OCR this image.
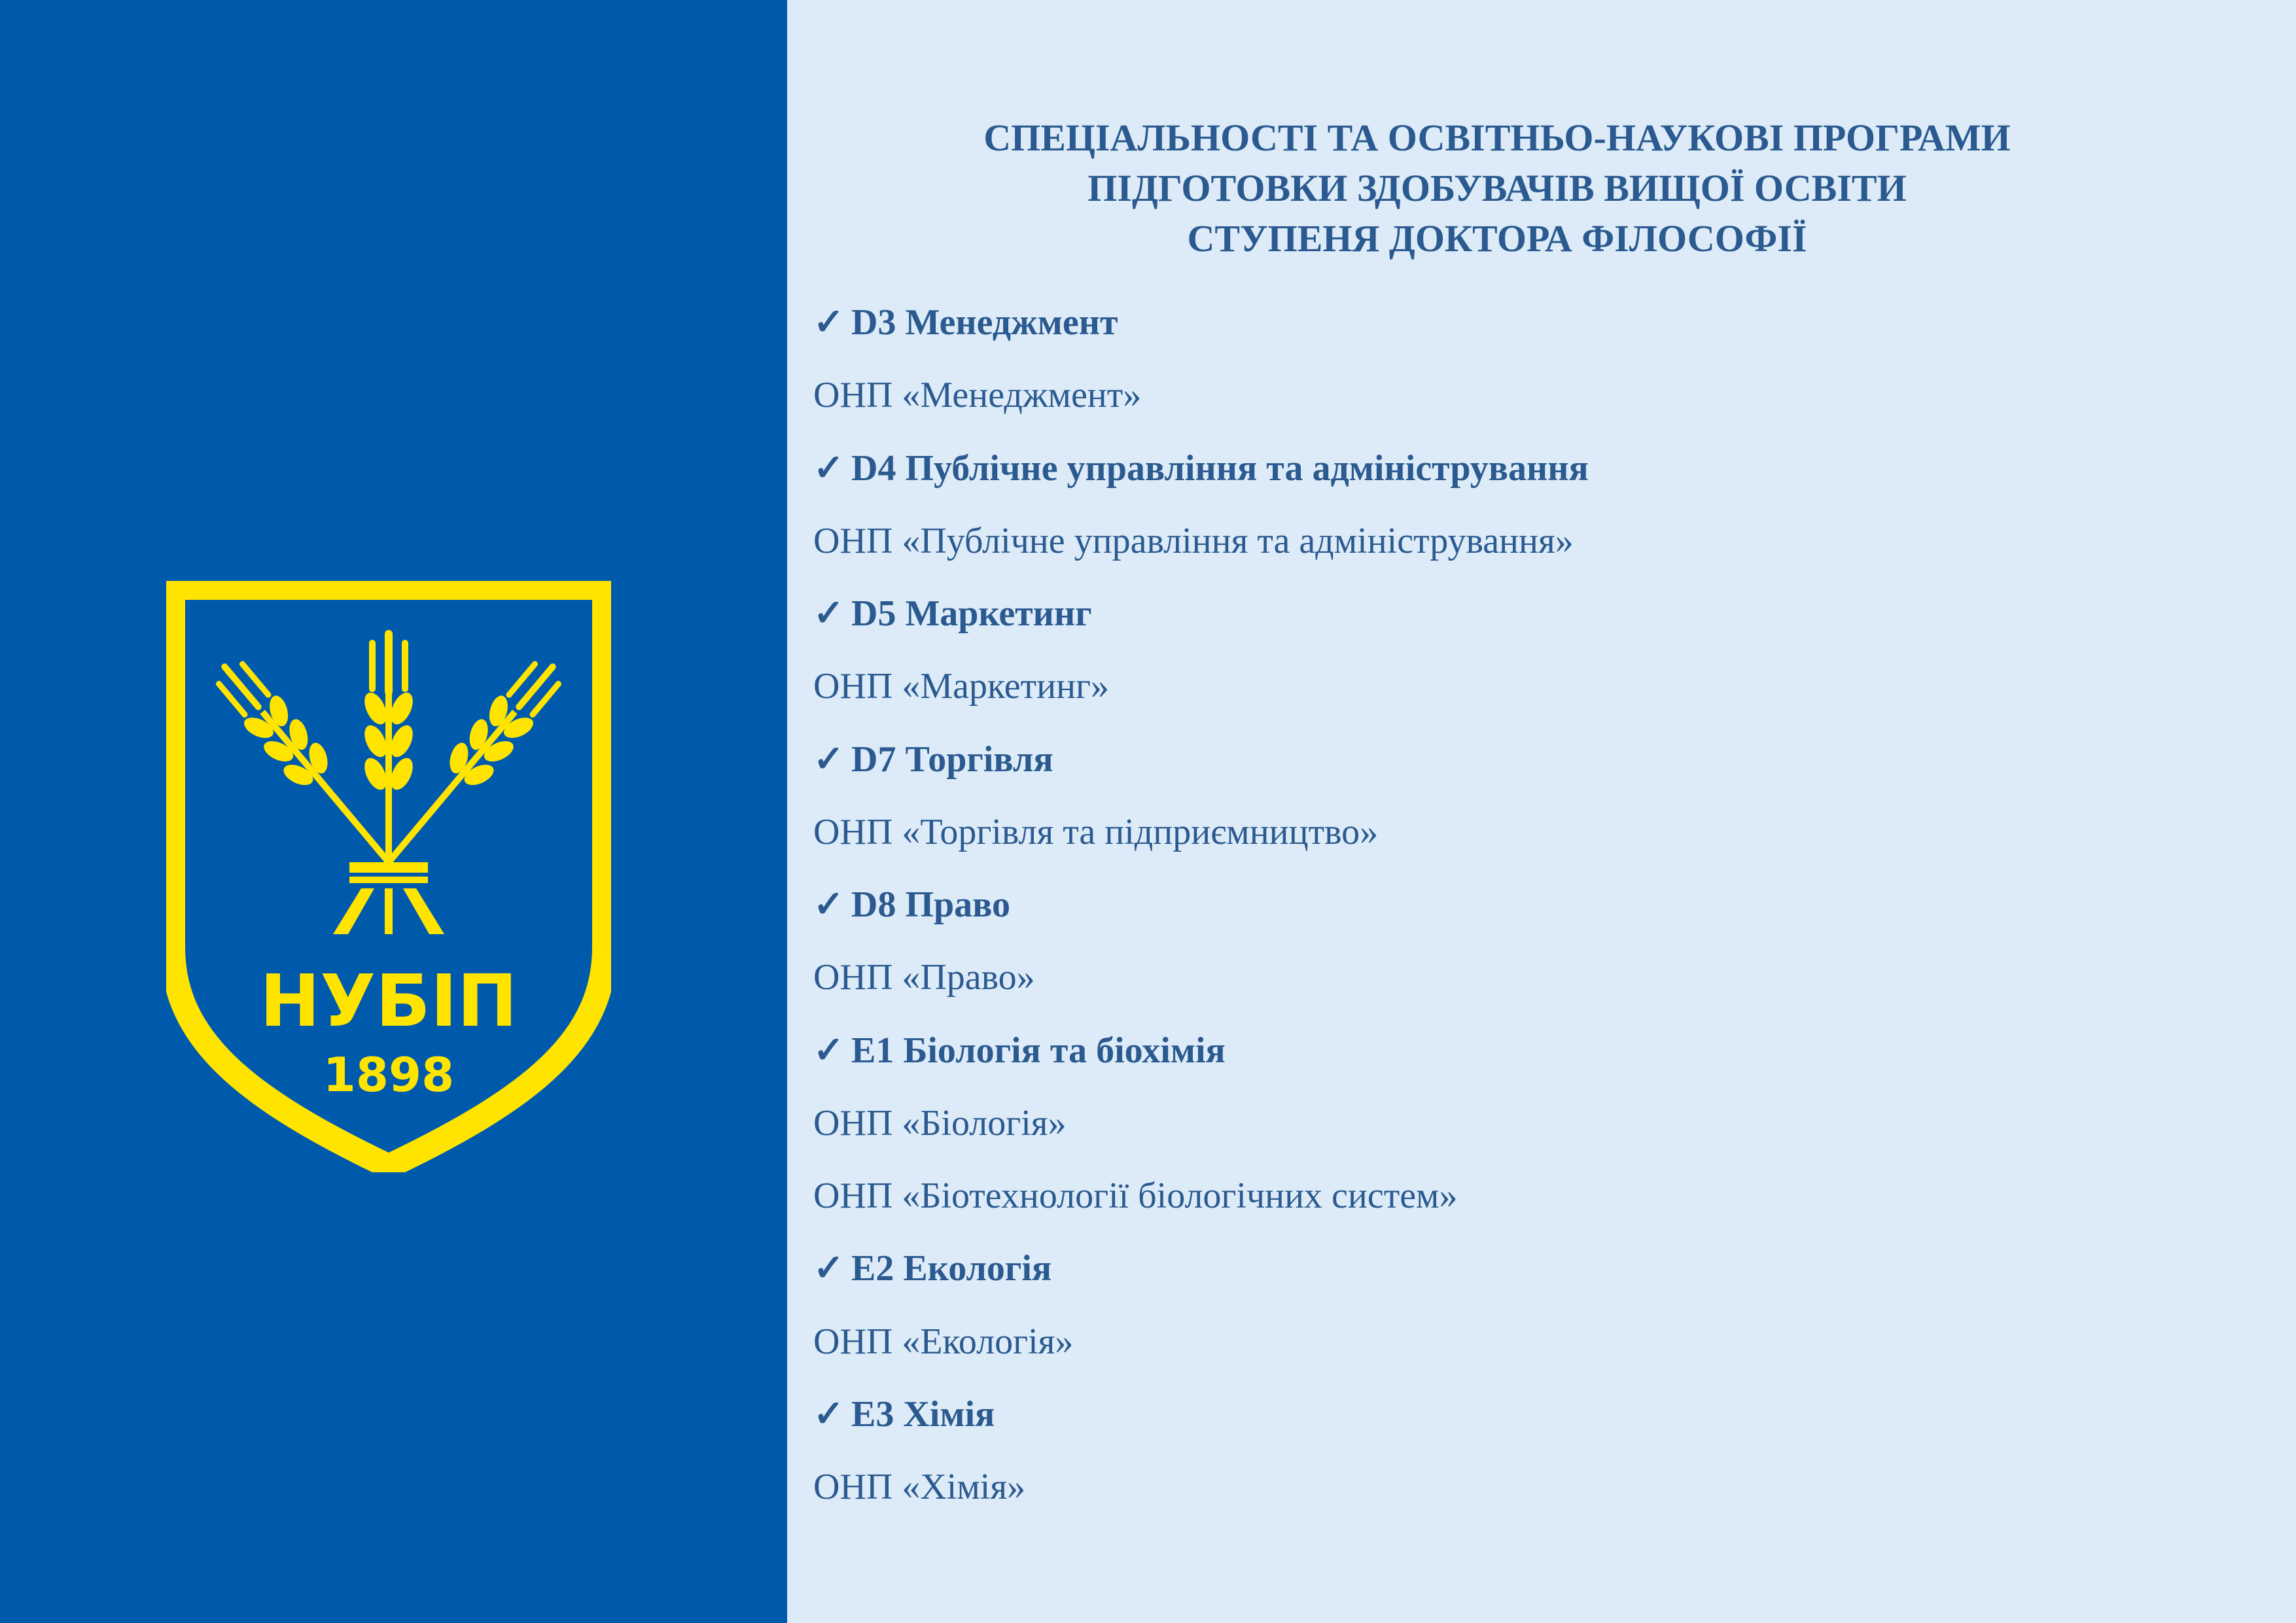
НУБІП
1898
СПЕЦІАЛЬНОСТІ ТА ОСВІТНЬО-НАУКОВІ ПРОГРАМИ
ПІДГОТОВКИ ЗДОБУВАЧІВ ВИЩОЇ ОСВІТИ
СТУПЕНЯ ДОКТОРА ФІЛОСОФІЇ
✓ D3 Менеджмент
ОНП «Менеджмент»
✓ D4 Публічне управління та адміністрування
ОНП «Публічне управління та адміністрування»
✓ D5 Маркетинг
ОНП «Маркетинг»
✓ D7 Торгівля
ОНП «Торгівля та підприємництво»
✓ D8 Право
ОНП «Право»
✓ E1 Біологія та біохімія
ОНП «Біологія»
ОНП «Біотехнології біологічних систем»
✓ E2 Екологія
ОНП «Екологія»
✓ E3 Хімія
ОНП «Хімія»
